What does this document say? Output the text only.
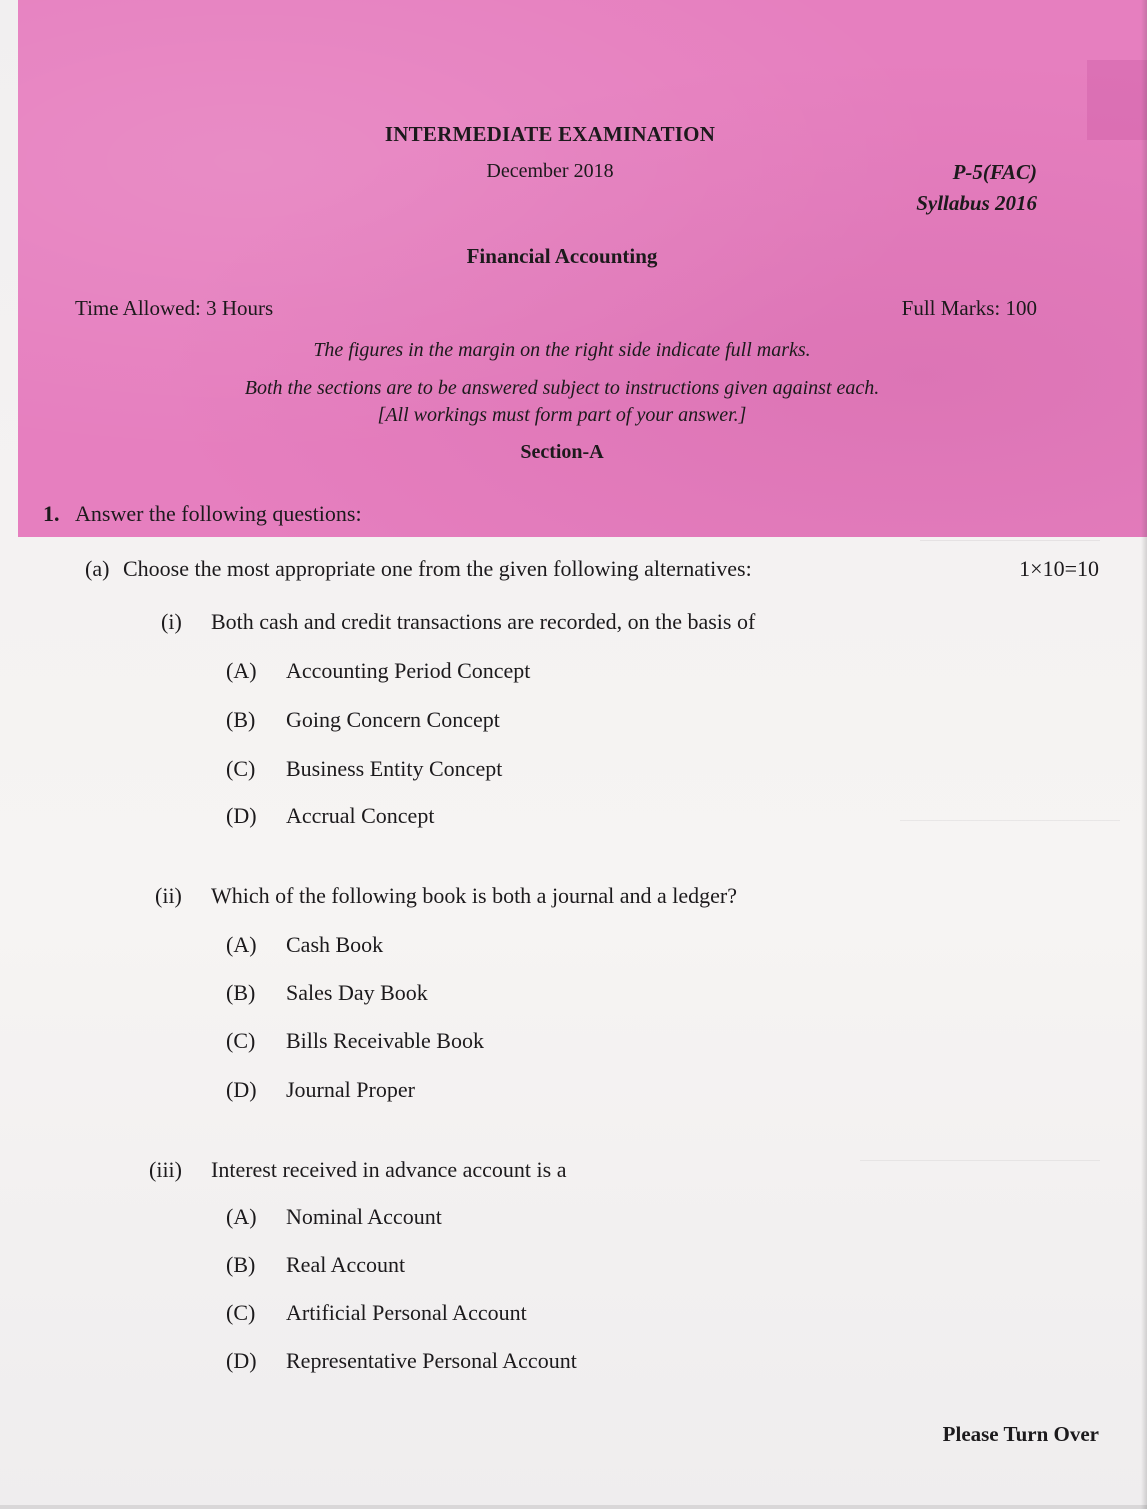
INTERMEDIATE EXAMINATION
December 2018	P-5(FAC)
Syllabus 2016
Financial Accounting
Time Allowed: 3 Hours	Full Marks: 100
The figures in the margin on the right side indicate full marks.
Both the sections are to be answered subject to instructions given against each.
[All workings must form part of your answer.]
Section-A
1. Answer the following questions:
(a) Choose the most appropriate one from the given following alternatives:	1×10=10
(i) Both cash and credit transactions are recorded, on the basis of
(A) Accounting Period Concept
(B) Going Concern Concept
(C) Business Entity Concept
(D) Accrual Concept
(ii) Which of the following book is both a journal and a ledger?
(A) Cash Book
(B) Sales Day Book
(C) Bills Receivable Book
(D) Journal Proper
(iii) Interest received in advance account is a
(A) Nominal Account
(B) Real Account
(C) Artificial Personal Account
(D) Representative Personal Account
Please Turn Over
